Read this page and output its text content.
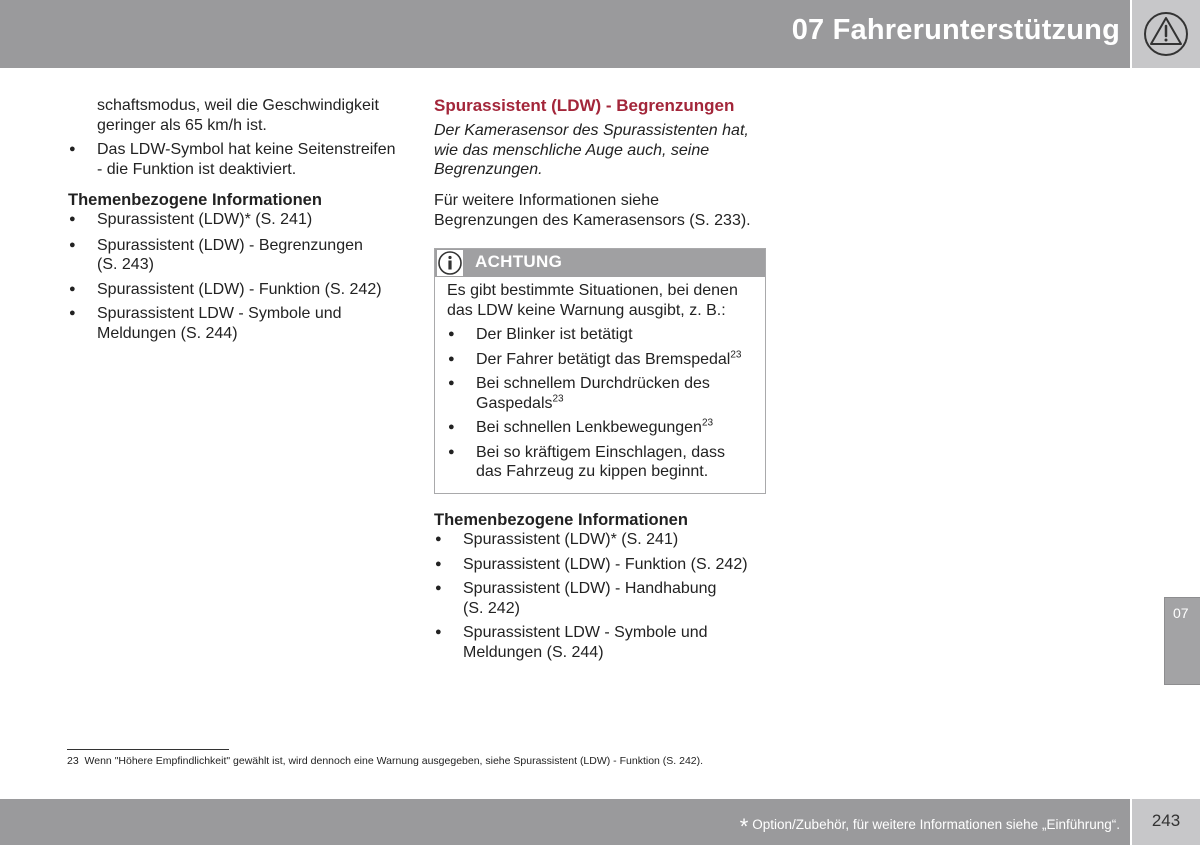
07 Fahrerunterstützung
schaftsmodus, weil die Geschwindigkeit geringer als 65 km/h ist.
● Das LDW-Symbol hat keine Seitenstreifen - die Funktion ist deaktiviert.
Themenbezogene Informationen
● Spurassistent (LDW)* (S. 241)
● Spurassistent (LDW) - Begrenzungen (S. 243)
● Spurassistent (LDW) - Funktion (S. 242)
● Spurassistent LDW - Symbole und Meldungen (S. 244)
Spurassistent (LDW) - Begrenzungen
Der Kamerasensor des Spurassistenten hat, wie das menschliche Auge auch, seine Begrenzungen.
Für weitere Informationen siehe Begrenzungen des Kamerasensors (S. 233).
ACHTUNG
Es gibt bestimmte Situationen, bei denen das LDW keine Warnung ausgibt, z. B.:
● Der Blinker ist betätigt
● Der Fahrer betätigt das Bremspedal$^{23}$
● Bei schnellem Durchdrücken des Gaspedals$^{23}$
● Bei schnellen Lenkbewegungen$^{23}$
● Bei so kräftigem Einschlagen, dass das Fahrzeug zu kippen beginnt.
Themenbezogene Informationen
● Spurassistent (LDW)* (S. 241)
● Spurassistent (LDW) - Funktion (S. 242)
● Spurassistent (LDW) - Handhabung (S. 242)
● Spurassistent LDW - Symbole und Meldungen (S. 244)
23 Wenn "Höhere Empfindlichkeit" gewählt ist, wird dennoch eine Warnung ausgegeben, siehe Spurassistent (LDW) - Funktion (S. 242).
07
* Option/Zubehör, für weitere Informationen siehe „Einführung“.	243
